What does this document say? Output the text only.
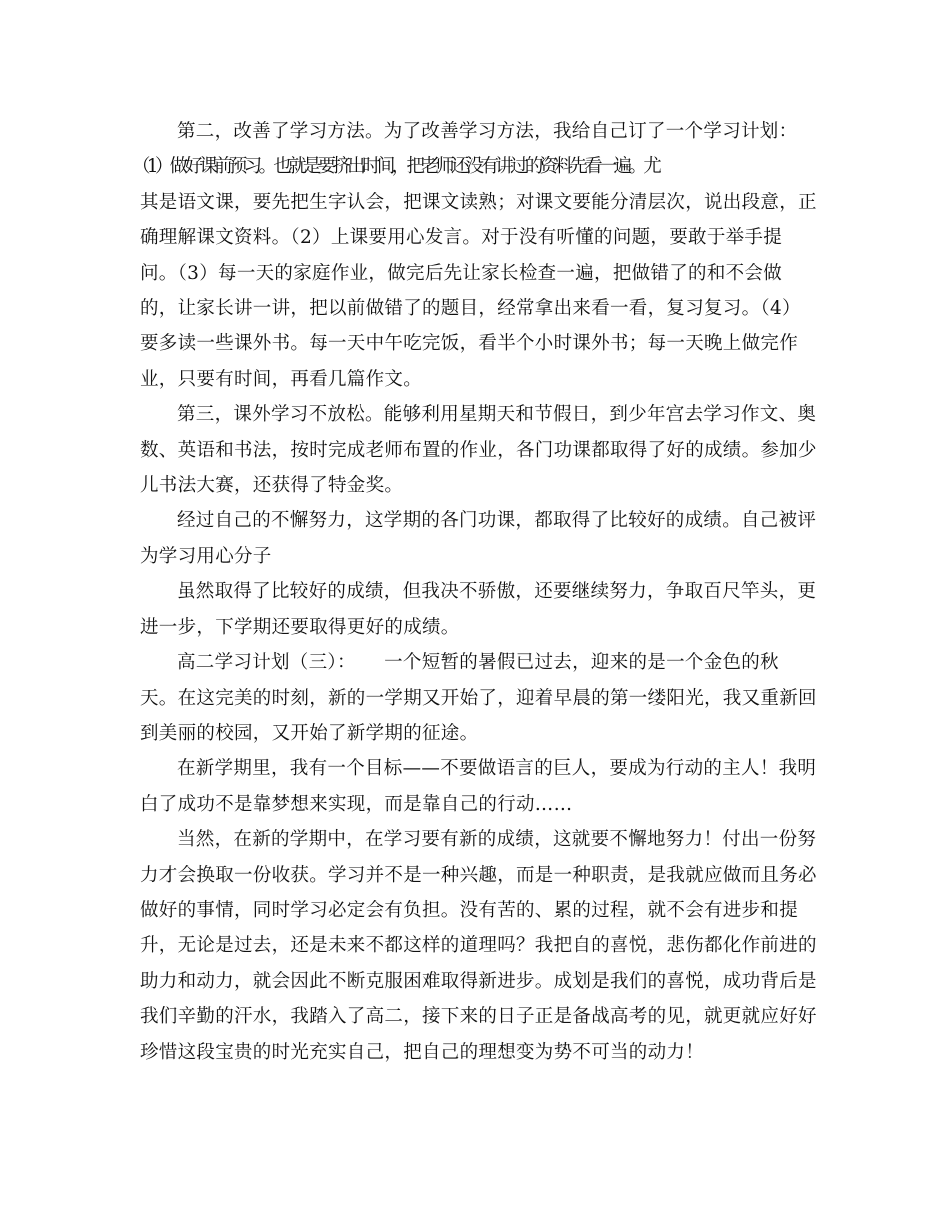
第二，改善了学习方法。为了改善学习方法，我给自己订了一个学习计划：
（1）做好课前预习。也就是要挤出时间，把老师还没有讲过的资料先看一遍。尤
其是语文课，要先把生字认会，把课文读熟；对课文要能分清层次，说出段意，正
确理解课文资料。（2）上课要用心发言。对于没有听懂的问题，要敢于举手提
问。（3）每一天的家庭作业，做完后先让家长检查一遍，把做错了的和不会做
的，让家长讲一讲，把以前做错了的题目，经常拿出来看一看，复习复习。（4）
要多读一些课外书。每一天中午吃完饭，看半个小时课外书；每一天晚上做完作
业，只要有时间，再看几篇作文。

第三，课外学习不放松。能够利用星期天和节假日，到少年宫去学习作文、奥
数、英语和书法，按时完成老师布置的作业，各门功课都取得了好的成绩。参加少
儿书法大赛，还获得了特金奖。

经过自己的不懈努力，这学期的各门功课，都取得了比较好的成绩。自己被评
为学习用心分子

虽然取得了比较好的成绩，但我决不骄傲，还要继续努力，争取百尺竿头，更
进一步，下学期还要取得更好的成绩。

高二学习计划（三）：　　一个短暂的暑假已过去，迎来的是一个金色的秋
天。在这完美的时刻，新的一学期又开始了，迎着早晨的第一缕阳光，我又重新回
到美丽的校园，又开始了新学期的征途。

在新学期里，我有一个目标——不要做语言的巨人，要成为行动的主人！我明
白了成功不是靠梦想来实现，而是靠自己的行动……

当然，在新的学期中，在学习要有新的成绩，这就要不懈地努力！付出一份努
力才会换取一份收获。学习并不是一种兴趣，而是一种职责，是我就应做而且务必
做好的事情，同时学习必定会有负担。没有苦的、累的过程，就不会有进步和提
升，无论是过去，还是未来不都这样的道理吗？我把自的喜悦，悲伤都化作前进的
助力和动力，就会因此不断克服困难取得新进步。成划是我们的喜悦，成功背后是
我们辛勤的汗水，我踏入了高二，接下来的日子正是备战高考的见，就更就应好好
珍惜这段宝贵的时光充实自己，把自己的理想变为势不可当的动力！
